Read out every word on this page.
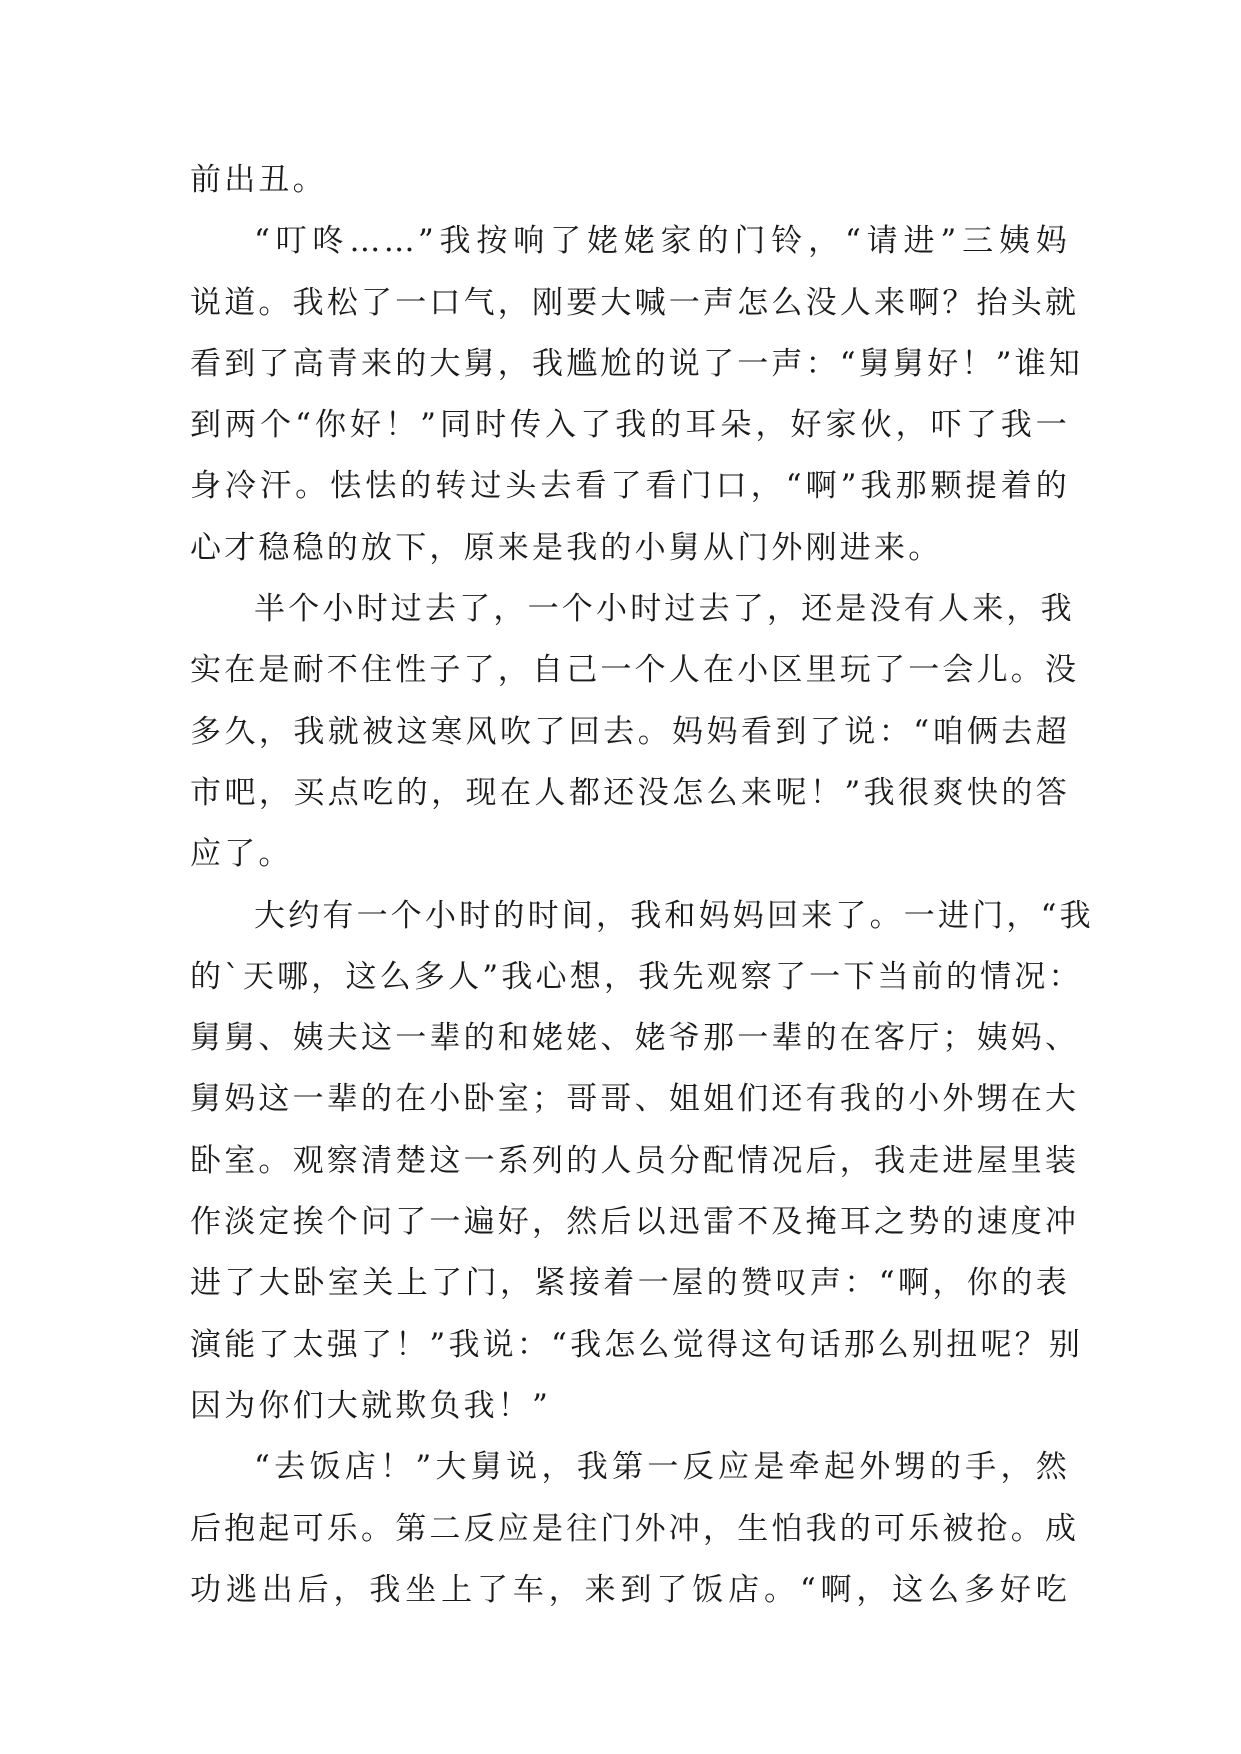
前出丑。
“叮咚……”我按响了姥姥家的门铃，“请进”三姨妈
说道。我松了一口气，刚要大喊一声怎么没人来啊？抬头就
看到了高青来的大舅，我尴尬的说了一声：“舅舅好！”谁知
到两个“你好！”同时传入了我的耳朵，好家伙，吓了我一
身冷汗。怯怯的转过头去看了看门口，“啊”我那颗提着的
心才稳稳的放下，原来是我的小舅从门外刚进来。
半个小时过去了，一个小时过去了，还是没有人来，我
实在是耐不住性子了，自己一个人在小区里玩了一会儿。没
多久，我就被这寒风吹了回去。妈妈看到了说：“咱俩去超
市吧，买点吃的，现在人都还没怎么来呢！”我很爽快的答
应了。
大约有一个小时的时间，我和妈妈回来了。一进门，“我
的`天哪，这么多人”我心想，我先观察了一下当前的情况：
舅舅、姨夫这一辈的和姥姥、姥爷那一辈的在客厅；姨妈、
舅妈这一辈的在小卧室；哥哥、姐姐们还有我的小外甥在大
卧室。观察清楚这一系列的人员分配情况后，我走进屋里装
作淡定挨个问了一遍好，然后以迅雷不及掩耳之势的速度冲
进了大卧室关上了门，紧接着一屋的赞叹声：“啊，你的表
演能了太强了！”我说：“我怎么觉得这句话那么别扭呢？别
因为你们大就欺负我！”
“去饭店！”大舅说，我第一反应是牵起外甥的手，然
后抱起可乐。第二反应是往门外冲，生怕我的可乐被抢。成
功逃出后，我坐上了车，来到了饭店。“啊，这么多好吃
